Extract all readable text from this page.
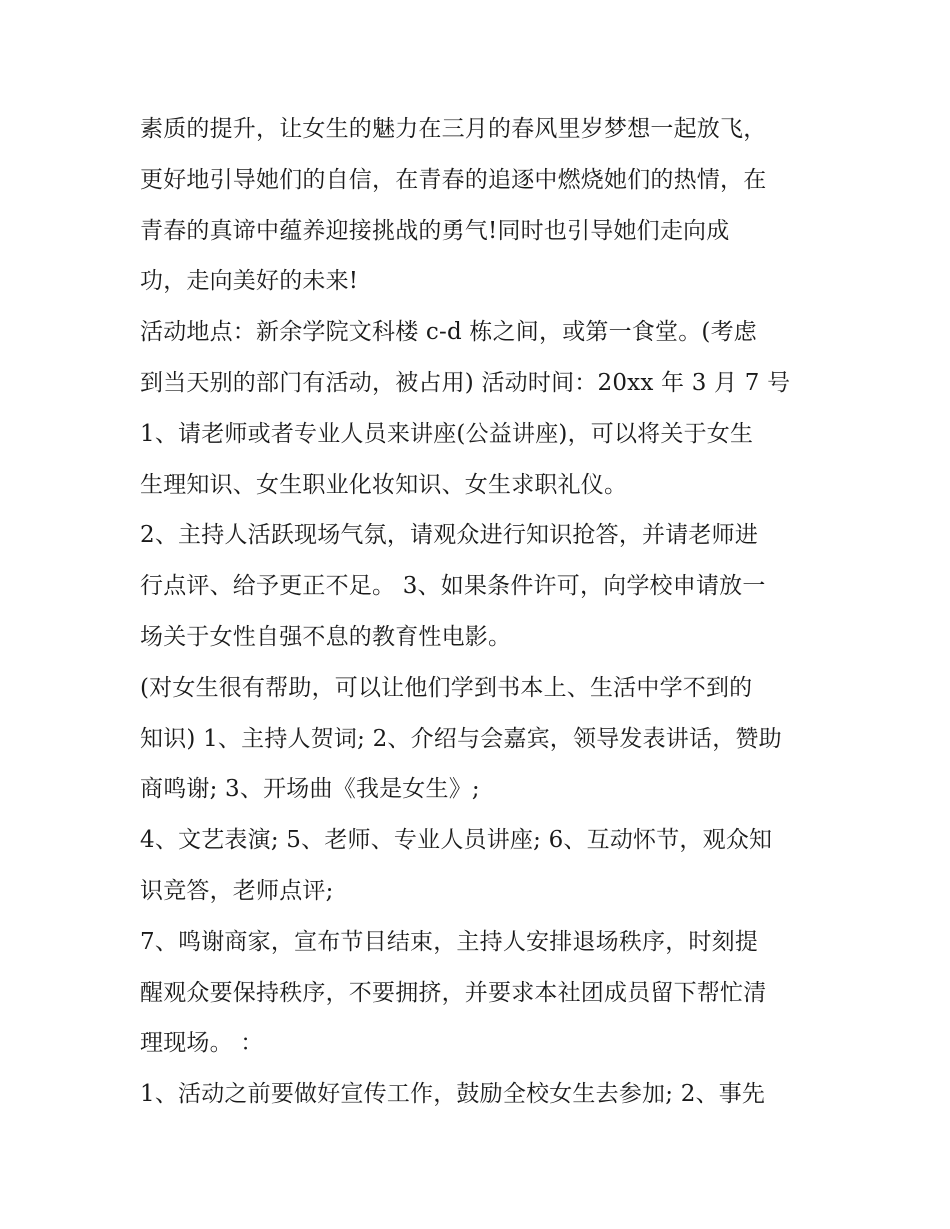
素质的提升，让女生的魅力在三月的春风里岁梦想一起放飞，
更好地引导她们的自信，在青春的追逐中燃烧她们的热情，在
青春的真谛中蕴养迎接挑战的勇气!同时也引导她们走向成
功，走向美好的未来!
活动地点：新余学院文科楼 c-d 栋之间，或第一食堂。(考虑
到当天别的部门有活动，被占用) 活动时间：20xx 年 3 月 7 号
1、请老师或者专业人员来讲座(公益讲座)，可以将关于女生
生理知识、女生职业化妆知识、女生求职礼仪。
2、主持人活跃现场气氛，请观众进行知识抢答，并请老师进
行点评、给予更正不足。 3、如果条件许可，向学校申请放一
场关于女性自强不息的教育性电影。
(对女生很有帮助，可以让他们学到书本上、生活中学不到的
知识) 1、主持人贺词; 2、介绍与会嘉宾，领导发表讲话，赞助
商鸣谢; 3、开场曲《我是女生》;
4、文艺表演; 5、老师、专业人员讲座; 6、互动怀节，观众知
识竞答，老师点评;
7、鸣谢商家，宣布节目结束，主持人安排退场秩序，时刻提
醒观众要保持秩序，不要拥挤，并要求本社团成员留下帮忙清
理现场。 ：
1、活动之前要做好宣传工作，鼓励全校女生去参加; 2、事先
